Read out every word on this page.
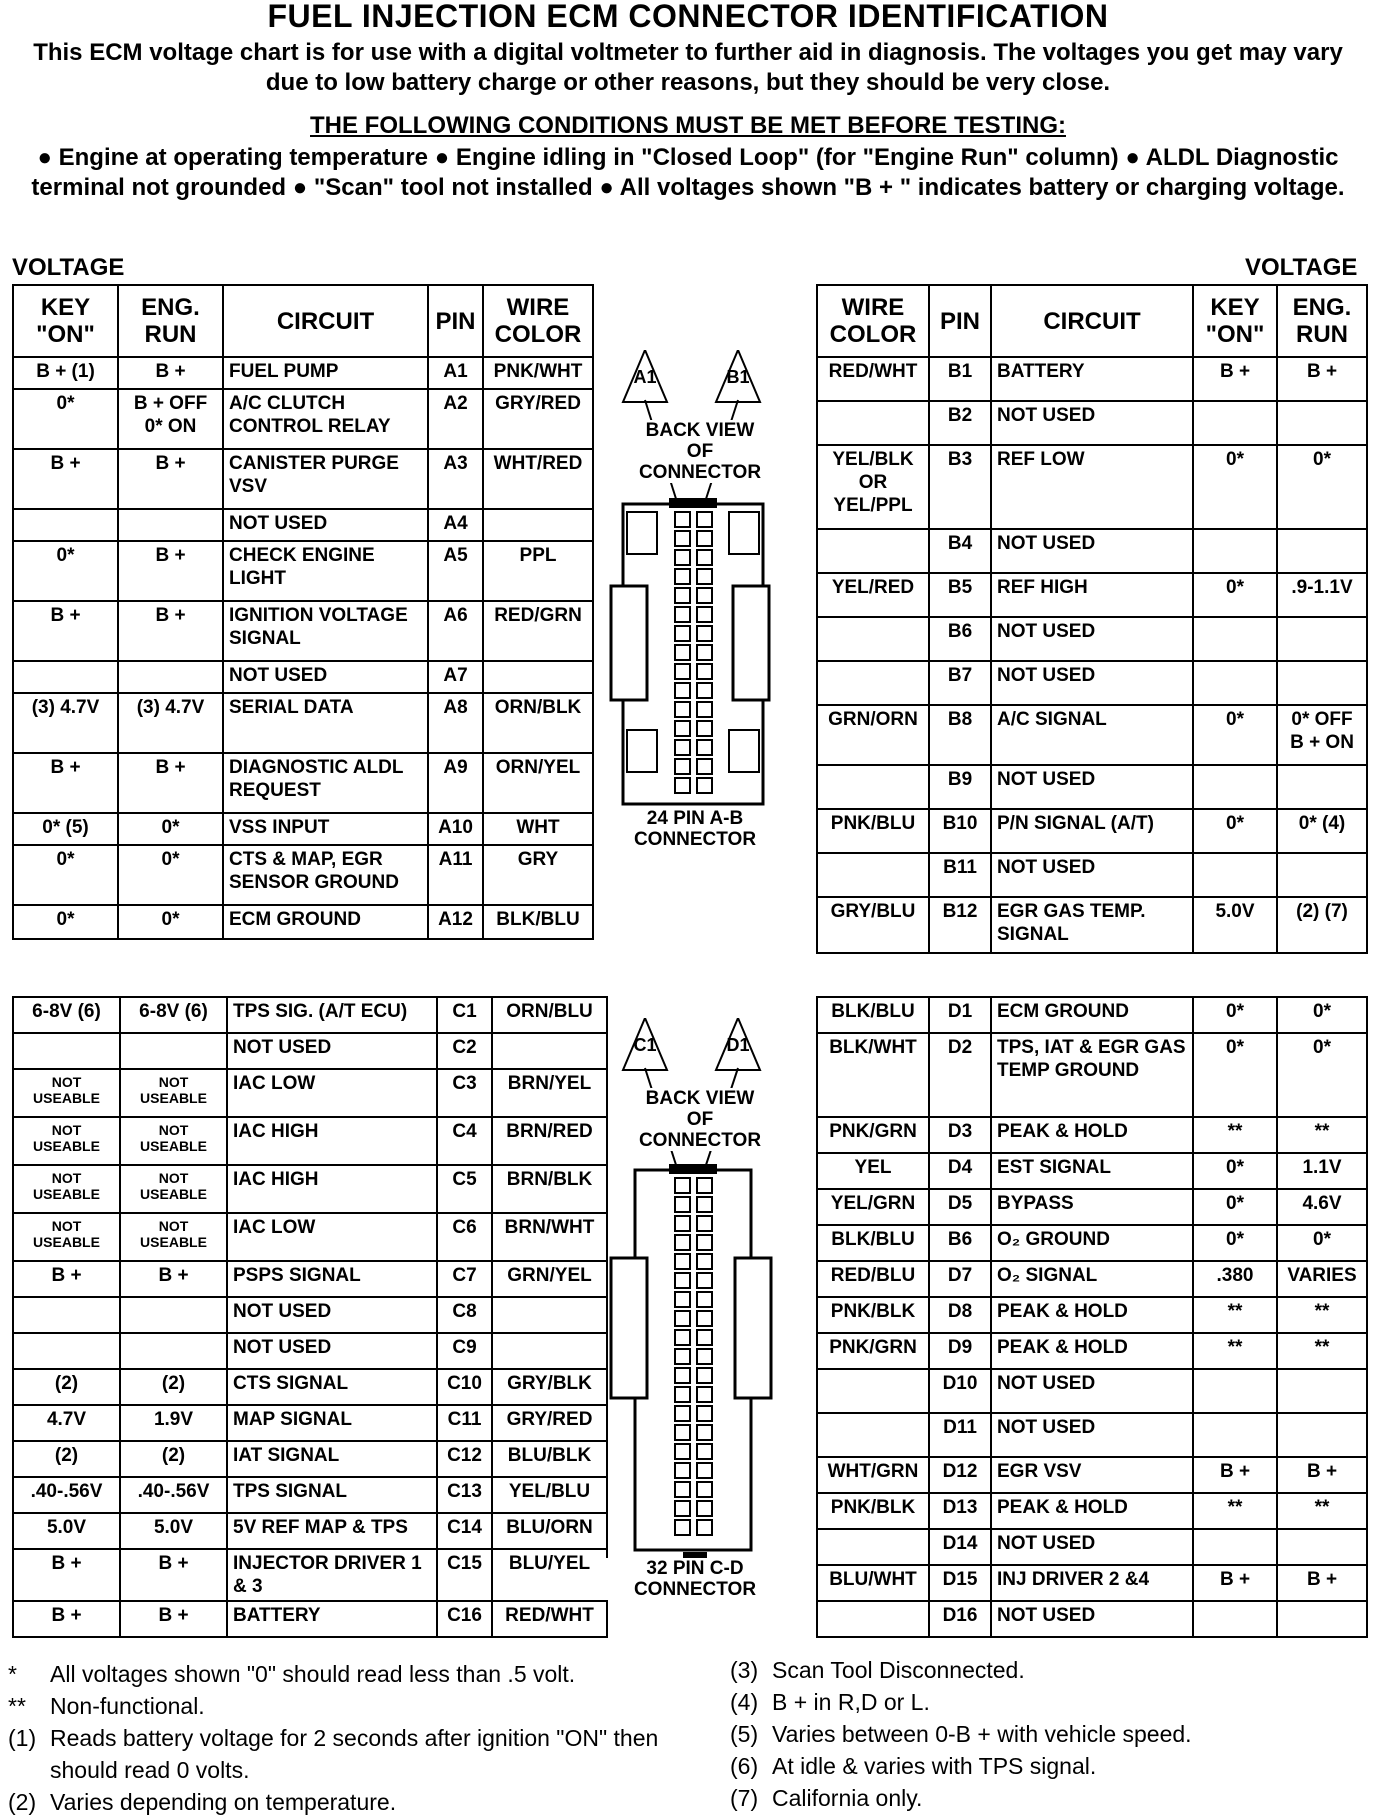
FUEL INJECTION ECM CONNECTOR IDENTIFICATION
This ECM voltage chart is for use with a digital voltmeter to further aid in diagnosis. The voltages you get may vary due to low battery charge or other reasons, but they should be very close.
THE FOLLOWING CONDITIONS MUST BE MET BEFORE TESTING:
● Engine at operating temperature ● Engine idling in "Closed Loop" (for "Engine Run" column) ● ALDL Diagnostic terminal not grounded ● "Scan" tool not installed ● All voltages shown "B + " indicates battery or charging voltage.
VOLTAGE	VOLTAGE
KEY "ON"	ENG. RUN	CIRCUIT	PIN	WIRE COLOR
B + (1)	B +	FUEL PUMP	A1	PNK/WHT
0*	B + OFF 0* ON	A/C CLUTCH CONTROL RELAY	A2	GRY/RED
B +	B +	CANISTER PURGE VSV	A3	WHT/RED
		NOT USED	A4	
0*	B +	CHECK ENGINE LIGHT	A5	PPL
B +	B +	IGNITION VOLTAGE SIGNAL	A6	RED/GRN
		NOT USED	A7	
(3) 4.7V	(3) 4.7V	SERIAL DATA	A8	ORN/BLK
B +	B +	DIAGNOSTIC ALDL REQUEST	A9	ORN/YEL
0* (5)	0*	VSS INPUT	A10	WHT
0*	0*	CTS & MAP, EGR SENSOR GROUND	A11	GRY
0*	0*	ECM GROUND	A12	BLK/BLU
WIRE COLOR	PIN	CIRCUIT	KEY "ON"	ENG. RUN
RED/WHT	B1	BATTERY	B +	B +
	B2	NOT USED		
YEL/BLK OR YEL/PPL	B3	REF LOW	0*	0*
	B4	NOT USED		
YEL/RED	B5	REF HIGH	0*	.9-1.1V
	B6	NOT USED		
	B7	NOT USED		
GRN/ORN	B8	A/C SIGNAL	0*	0* OFF B + ON
	B9	NOT USED		
PNK/BLU	B10	P/N SIGNAL (A/T)	0*	0* (4)
	B11	NOT USED		
GRY/BLU	B12	EGR GAS TEMP. SIGNAL	5.0V	(2) (7)
6-8V (6)	6-8V (6)	TPS SIG. (A/T ECU)	C1	ORN/BLU
		NOT USED	C2	
NOT USEABLE	NOT USEABLE	IAC LOW	C3	BRN/YEL
NOT USEABLE	NOT USEABLE	IAC HIGH	C4	BRN/RED
NOT USEABLE	NOT USEABLE	IAC HIGH	C5	BRN/BLK
NOT USEABLE	NOT USEABLE	IAC LOW	C6	BRN/WHT
B +	B +	PSPS SIGNAL	C7	GRN/YEL
		NOT USED	C8	
		NOT USED	C9	
(2)	(2)	CTS SIGNAL	C10	GRY/BLK
4.7V	1.9V	MAP SIGNAL	C11	GRY/RED
(2)	(2)	IAT SIGNAL	C12	BLU/BLK
.40-.56V	.40-.56V	TPS SIGNAL	C13	YEL/BLU
5.0V	5.0V	5V REF MAP & TPS	C14	BLU/ORN
B +	B +	INJECTOR DRIVER 1 & 3	C15	BLU/YEL
B +	B +	BATTERY	C16	RED/WHT
BLK/BLU	D1	ECM GROUND	0*	0*
BLK/WHT	D2	TPS, IAT & EGR GAS TEMP GROUND	0*	0*
PNK/GRN	D3	PEAK & HOLD	**	**
YEL	D4	EST SIGNAL	0*	1.1V
YEL/GRN	D5	BYPASS	0*	4.6V
BLK/BLU	B6	O₂ GROUND	0*	0*
RED/BLU	D7	O₂ SIGNAL	.380	VARIES
PNK/BLK	D8	PEAK & HOLD	**	**
PNK/GRN	D9	PEAK & HOLD	**	**
	D10	NOT USED		
	D11	NOT USED		
WHT/GRN	D12	EGR VSV	B +	B +
PNK/BLK	D13	PEAK & HOLD	**	**
	D14	NOT USED		
BLU/WHT	D15	INJ DRIVER 2 &4	B +	B +
	D16	NOT USED		
A1	B1
BACK VIEW
OF
CONNECTOR
24 PIN A-B
CONNECTOR
C1	D1
BACK VIEW
OF
CONNECTOR
32 PIN C-D
CONNECTOR
* All voltages shown "0" should read less than .5 volt.
** Non-functional.
(1) Reads battery voltage for 2 seconds after ignition "ON" then should read 0 volts.
(2) Varies depending on temperature.
(3) Scan Tool Disconnected.
(4) B + in R,D or L.
(5) Varies between 0-B + with vehicle speed.
(6) At idle & varies with TPS signal.
(7) California only.
